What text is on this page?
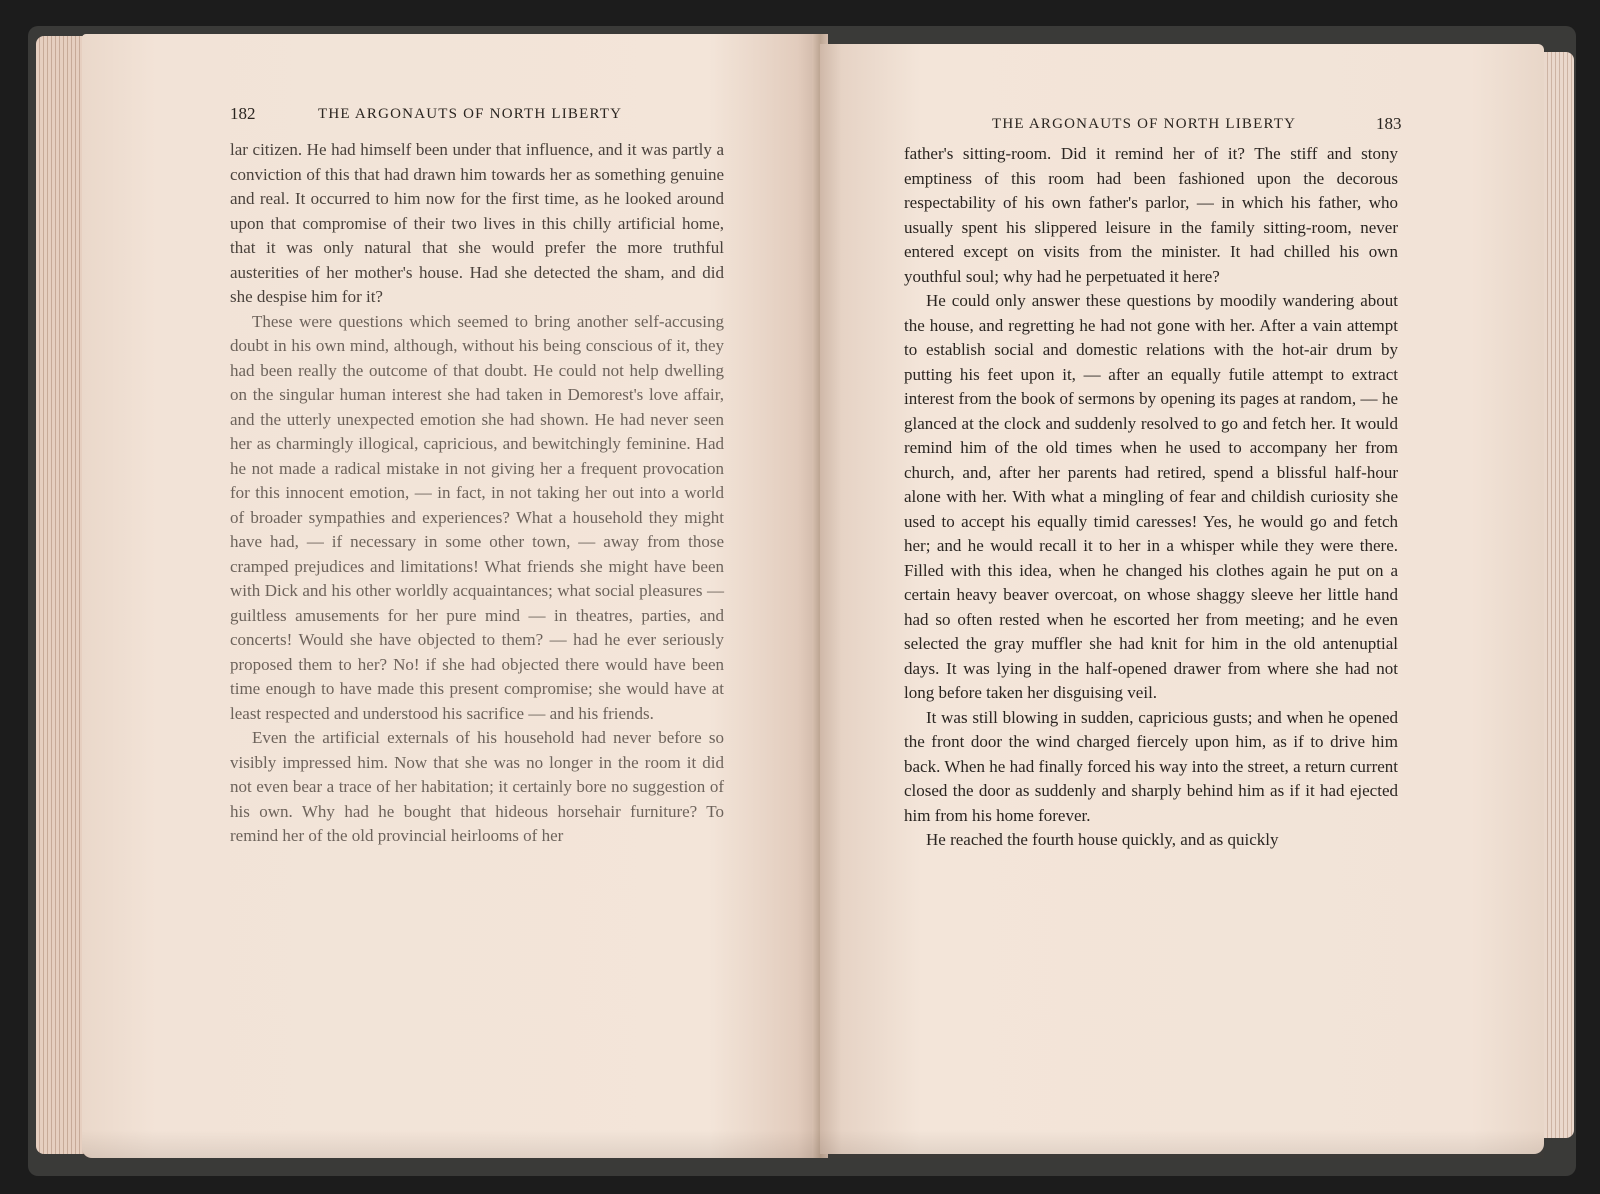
182	THE ARGONAUTS OF NORTH LIBERTY

lar citizen. He had himself been under that influence, and it was partly a conviction of this that had drawn him towards her as something genuine and real. It occurred to him now for the first time, as he looked around upon that compromise of their two lives in this chilly artificial home, that it was only natural that she would prefer the more truthful austerities of her mother's house. Had she detected the sham, and did she despise him for it?

These were questions which seemed to bring another self-accusing doubt in his own mind, although, without his being conscious of it, they had been really the outcome of that doubt. He could not help dwelling on the singular human interest she had taken in Demorest's love affair, and the utterly unexpected emotion she had shown. He had never seen her as charmingly illogical, capricious, and bewitchingly feminine. Had he not made a radical mistake in not giving her a frequent provocation for this innocent emotion, — in fact, in not taking her out into a world of broader sympathies and experiences? What a household they might have had, — if necessary in some other town, — away from those cramped prejudices and limitations! What friends she might have been with Dick and his other worldly acquaintances; what social pleasures — guiltless amusements for her pure mind — in theatres, parties, and concerts! Would she have objected to them? — had he ever seriously proposed them to her? No! if she had objected there would have been time enough to have made this present compromise; she would have at least respected and understood his sacrifice — and his friends.

Even the artificial externals of his household had never before so visibly impressed him. Now that she was no longer in the room it did not even bear a trace of her habitation; it certainly bore no suggestion of his own. Why had he bought that hideous horsehair furniture? To remind her of the old provincial heirlooms of her

THE ARGONAUTS OF NORTH LIBERTY	183

father's sitting-room. Did it remind her of it? The stiff and stony emptiness of this room had been fashioned upon the decorous respectability of his own father's parlor, — in which his father, who usually spent his slippered leisure in the family sitting-room, never entered except on visits from the minister. It had chilled his own youthful soul; why had he perpetuated it here?

He could only answer these questions by moodily wandering about the house, and regretting he had not gone with her. After a vain attempt to establish social and domestic relations with the hot-air drum by putting his feet upon it, — after an equally futile attempt to extract interest from the book of sermons by opening its pages at random, — he glanced at the clock and suddenly resolved to go and fetch her. It would remind him of the old times when he used to accompany her from church, and, after her parents had retired, spend a blissful half-hour alone with her. With what a mingling of fear and childish curiosity she used to accept his equally timid caresses! Yes, he would go and fetch her; and he would recall it to her in a whisper while they were there. Filled with this idea, when he changed his clothes again he put on a certain heavy beaver overcoat, on whose shaggy sleeve her little hand had so often rested when he escorted her from meeting; and he even selected the gray muffler she had knit for him in the old antenuptial days. It was lying in the half-opened drawer from where she had not long before taken her disguising veil.

It was still blowing in sudden, capricious gusts; and when he opened the front door the wind charged fiercely upon him, as if to drive him back. When he had finally forced his way into the street, a return current closed the door as suddenly and sharply behind him as if it had ejected him from his home forever.

He reached the fourth house quickly, and as quickly
